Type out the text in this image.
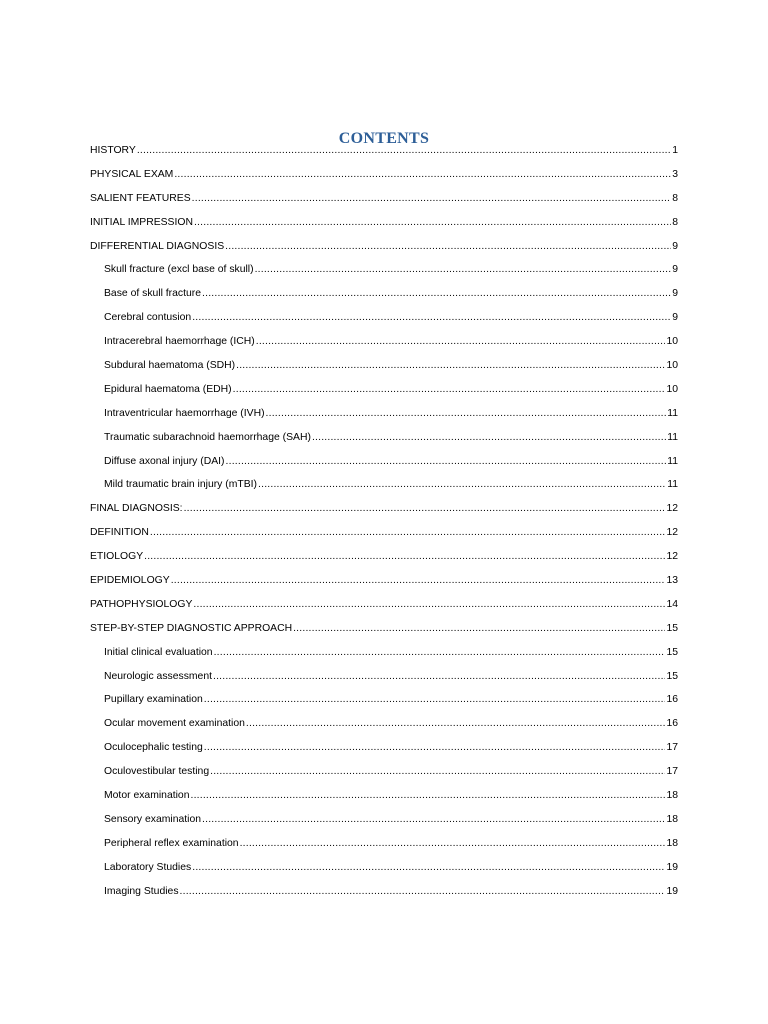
CONTENTS
HISTORY .....	1
PHYSICAL EXAM .....	3
SALIENT FEATURES .....	8
INITIAL IMPRESSION .....	8
DIFFERENTIAL DIAGNOSIS .....	9
Skull fracture (excl base of skull) .....	9
Base of skull fracture .....	9
Cerebral contusion .....	9
Intracerebral haemorrhage (ICH) .....	10
Subdural haematoma (SDH) .....	10
Epidural haematoma (EDH) .....	10
Intraventricular haemorrhage (IVH) .....	11
Traumatic subarachnoid haemorrhage (SAH) .....	11
Diffuse axonal injury (DAI) .....	11
Mild traumatic brain injury (mTBI) .....	11
FINAL DIAGNOSIS: .....	12
DEFINITION .....	12
ETIOLOGY .....	12
EPIDEMIOLOGY .....	13
PATHOPHYSIOLOGY .....	14
STEP-BY-STEP DIAGNOSTIC APPROACH .....	15
Initial clinical evaluation .....	15
Neurologic assessment .....	15
Pupillary examination .....	16
Ocular movement examination .....	16
Oculocephalic testing .....	17
Oculovestibular testing .....	17
Motor examination .....	18
Sensory examination .....	18
Peripheral reflex examination .....	18
Laboratory Studies .....	19
Imaging Studies .....	19
